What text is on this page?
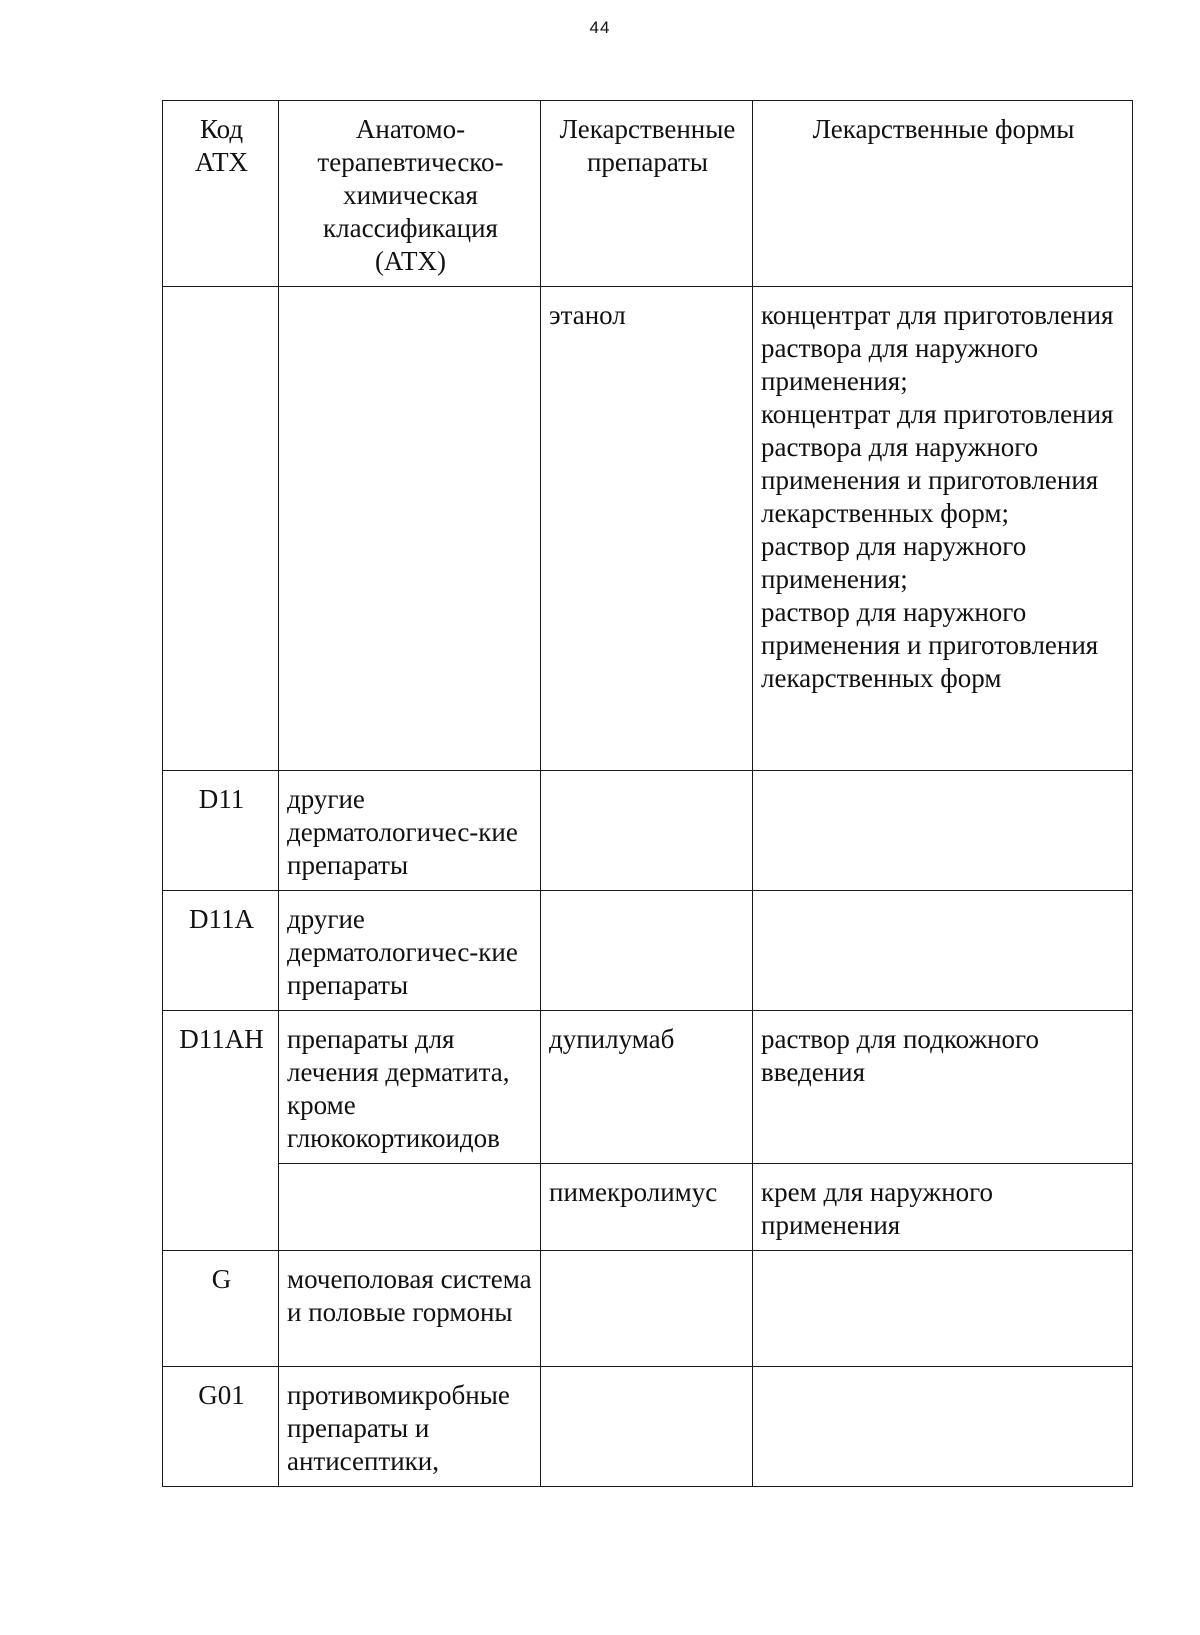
44
Код АТХ	Анатомо-терапевтическо-химическая классификация (АТХ)	Лекарственные препараты	Лекарственные формы
		этанол	концентрат для приготовления раствора для наружного применения;
концентрат для приготовления раствора для наружного применения и приготовления лекарственных форм;
раствор для наружного применения;
раствор для наружного применения и приготовления лекарственных форм

D11	другие дерматологичес-кие препараты		
D11A	другие дерматологичес-кие препараты		
D11AH	препараты для лечения дерматита, кроме глюкокортикоидов	дупилумаб	раствор для подкожного введения

		пимекролимус	крем для наружного применения

G	мочеполовая система и половые гормоны		
G01	противомикробные препараты и антисептики,		
